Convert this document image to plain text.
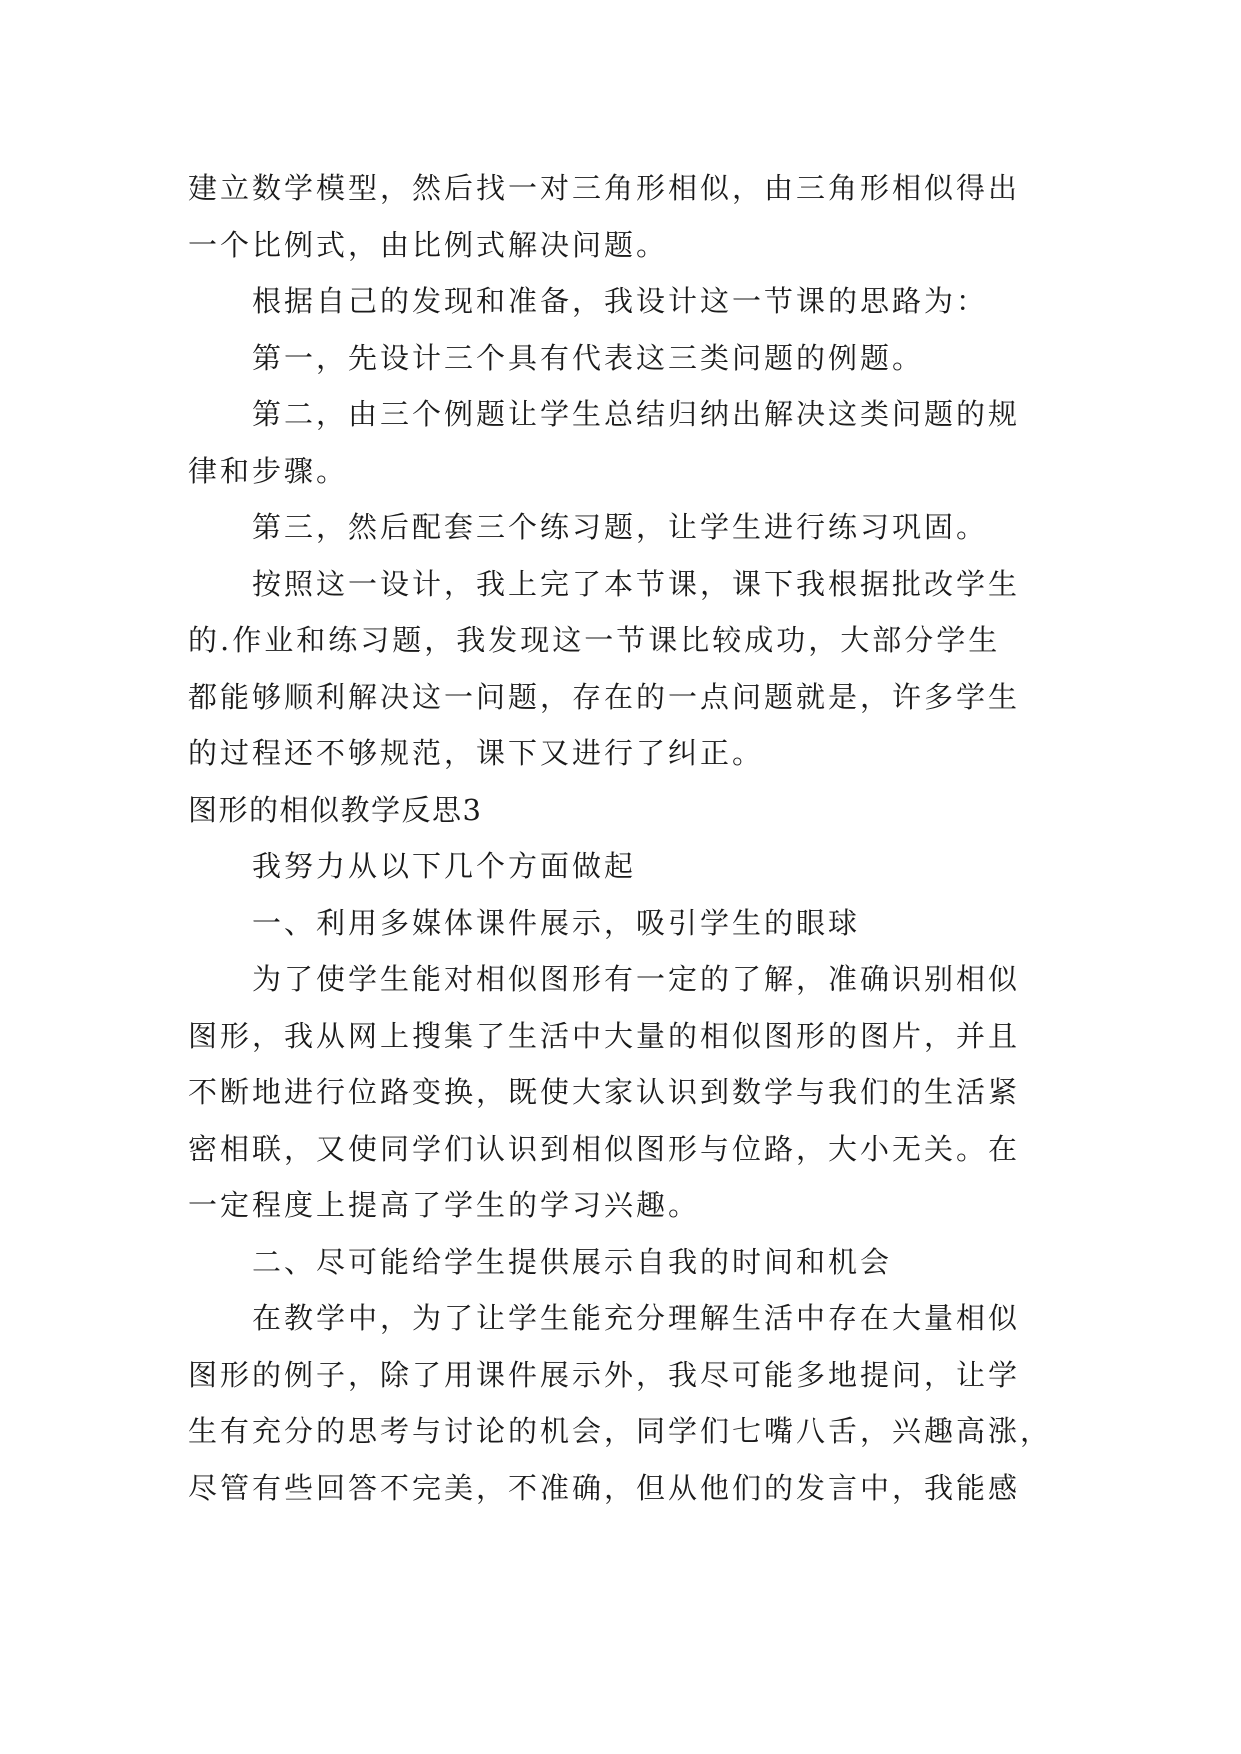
建立数学模型，然后找一对三角形相似，由三角形相似得出
一个比例式，由比例式解决问题。
根据自己的发现和准备，我设计这一节课的思路为：
第一，先设计三个具有代表这三类问题的例题。
第二，由三个例题让学生总结归纳出解决这类问题的规
律和步骤。
第三，然后配套三个练习题，让学生进行练习巩固。
按照这一设计，我上完了本节课，课下我根据批改学生
的.作业和练习题，我发现这一节课比较成功，大部分学生
都能够顺利解决这一问题，存在的一点问题就是，许多学生
的过程还不够规范，课下又进行了纠正。
图形的相似教学反思3
我努力从以下几个方面做起
一、利用多媒体课件展示，吸引学生的眼球
为了使学生能对相似图形有一定的了解，准确识别相似
图形，我从网上搜集了生活中大量的相似图形的图片，并且
不断地进行位路变换，既使大家认识到数学与我们的生活紧
密相联，又使同学们认识到相似图形与位路，大小无关。在
一定程度上提高了学生的学习兴趣。
二、尽可能给学生提供展示自我的时间和机会
在教学中，为了让学生能充分理解生活中存在大量相似
图形的例子，除了用课件展示外，我尽可能多地提问，让学
生有充分的思考与讨论的机会，同学们七嘴八舌，兴趣高涨，
尽管有些回答不完美，不准确，但从他们的发言中，我能感
